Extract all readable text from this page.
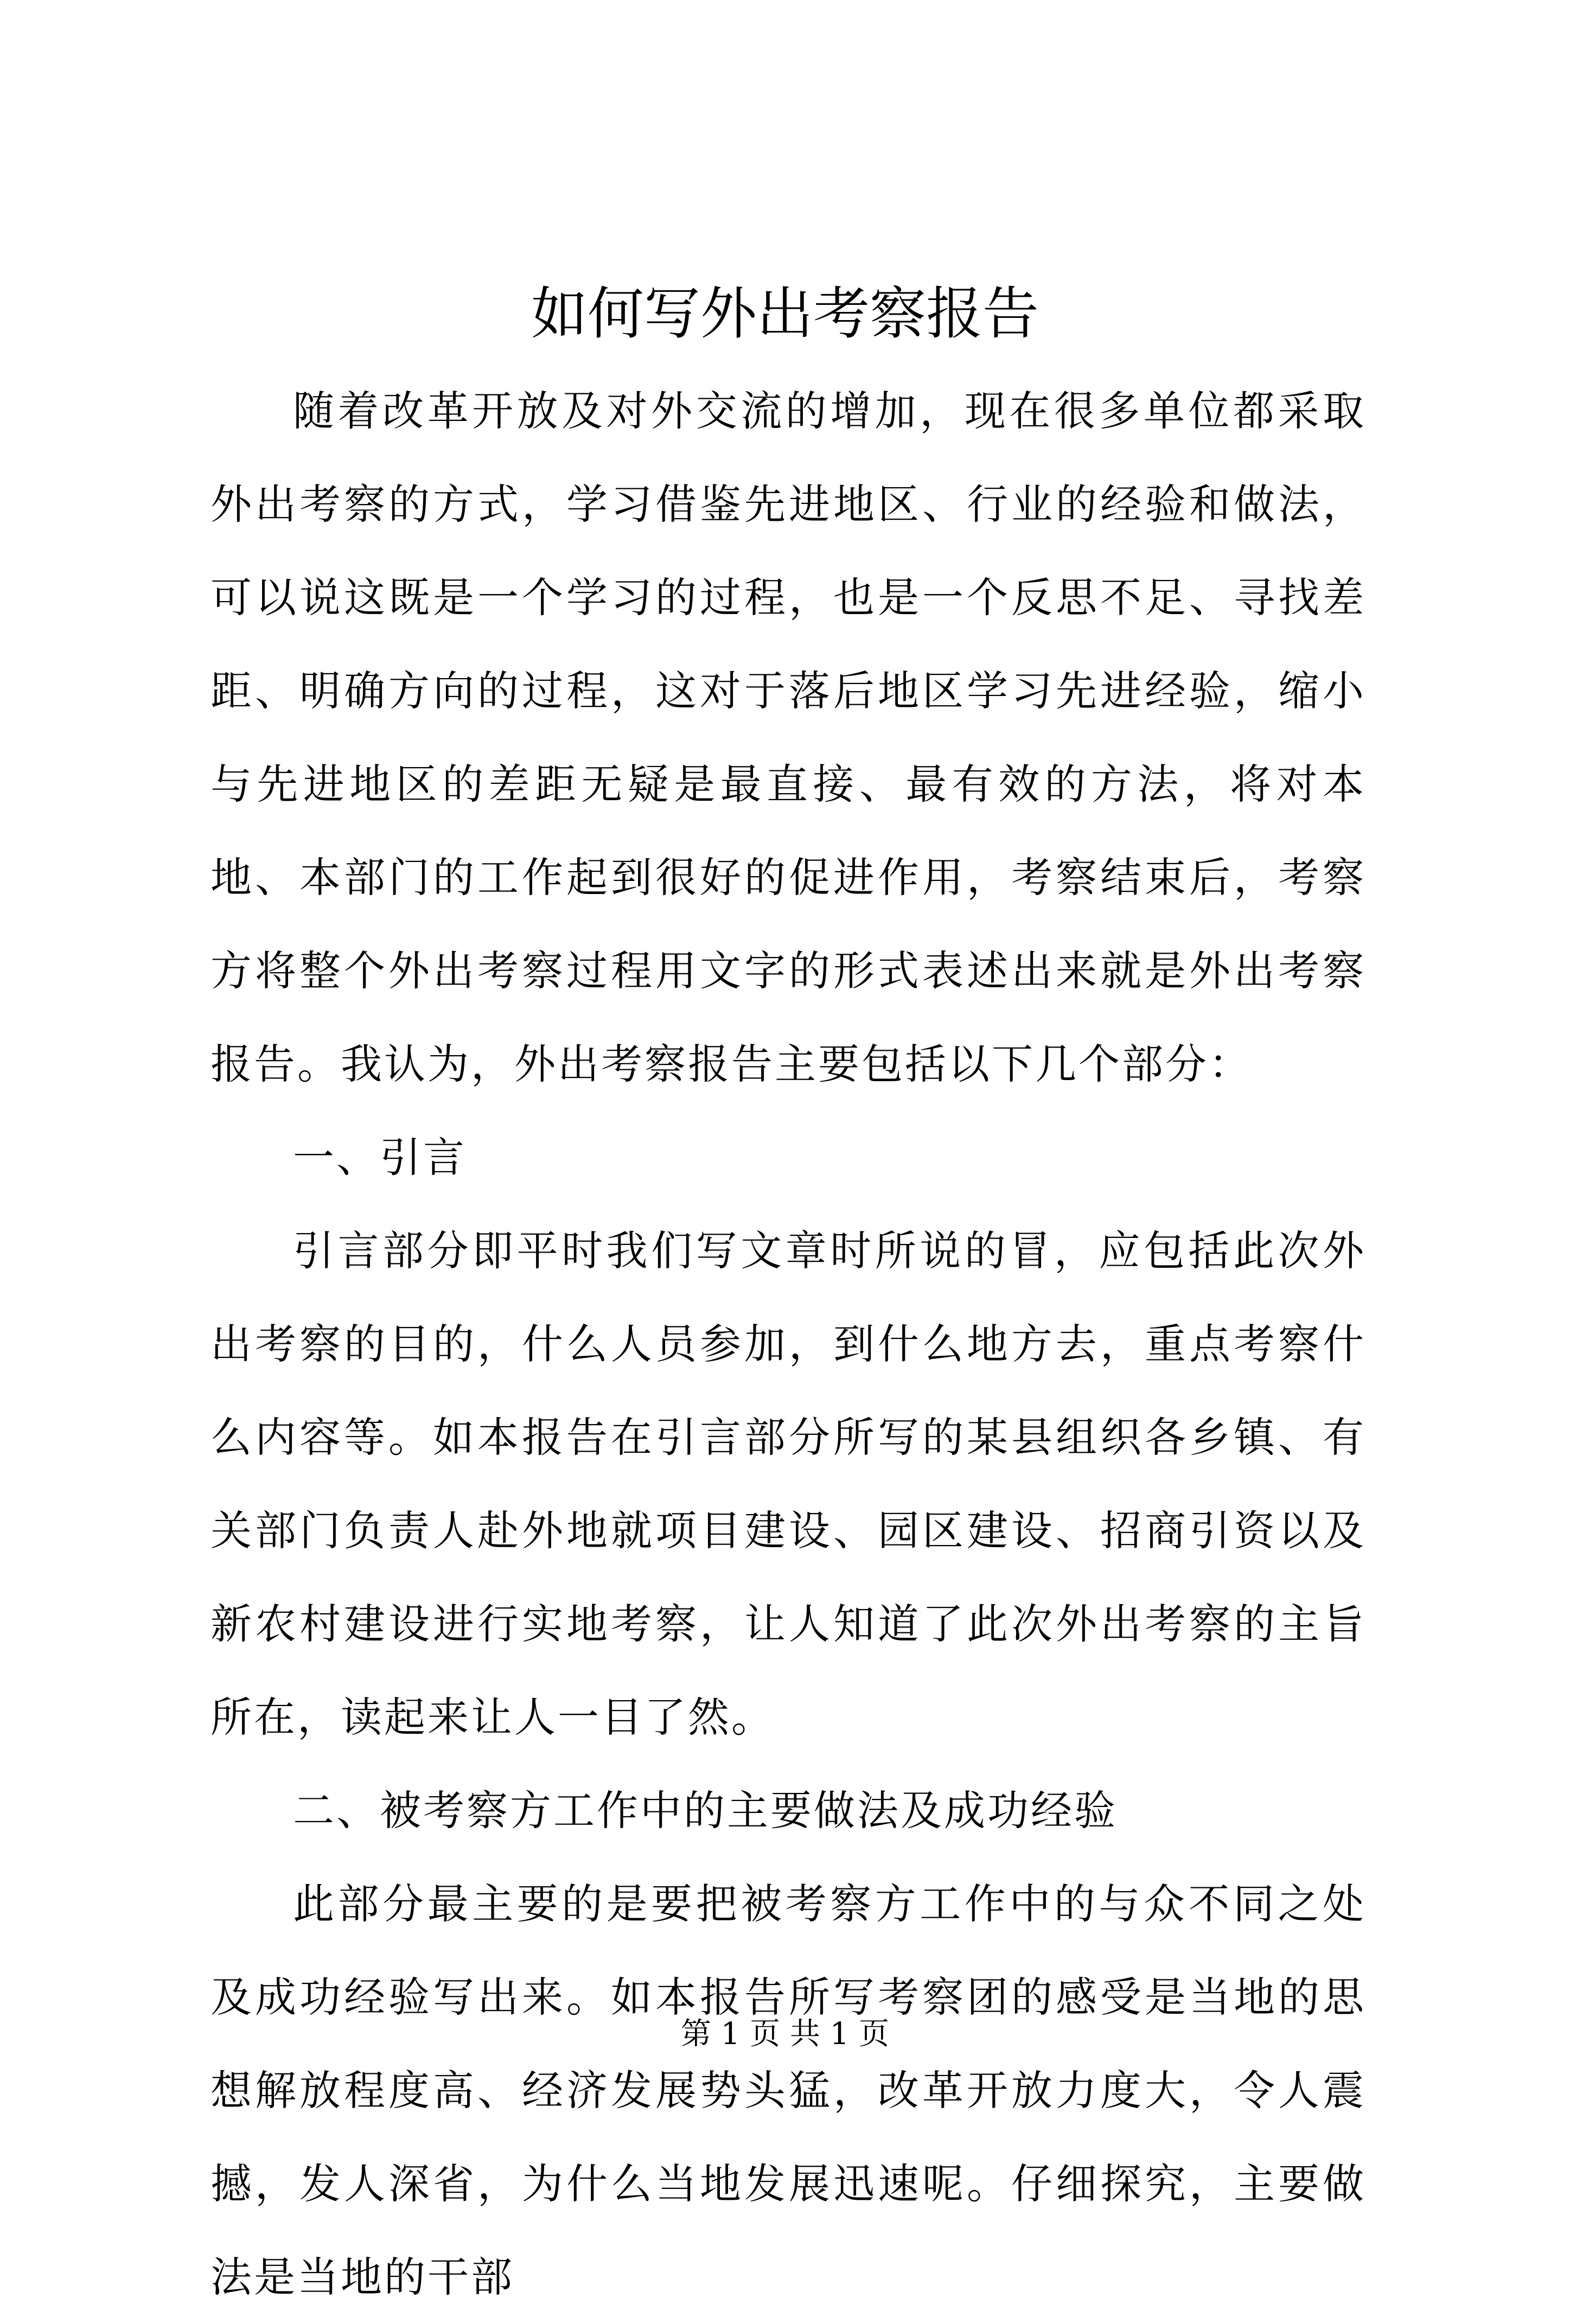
如何写外出考察报告

随着改革开放及对外交流的增加，现在很多单位都采取外出考察的方式，学习借鉴先进地区、行业的经验和做法，可以说这既是一个学习的过程，也是一个反思不足、寻找差距、明确方向的过程，这对于落后地区学习先进经验，缩小与先进地区的差距无疑是最直接、最有效的方法，将对本地、本部门的工作起到很好的促进作用，考察结束后，考察方将整个外出考察过程用文字的形式表述出来就是外出考察报告。我认为，外出考察报告主要包括以下几个部分：

一、引言

引言部分即平时我们写文章时所说的冒，应包括此次外出考察的目的，什么人员参加，到什么地方去，重点考察什么内容等。如本报告在引言部分所写的某县组织各乡镇、有关部门负责人赴外地就项目建设、园区建设、招商引资以及新农村建设进行实地考察，让人知道了此次外出考察的主旨所在，读起来让人一目了然。

二、被考察方工作中的主要做法及成功经验

此部分最主要的是要把被考察方工作中的与众不同之处及成功经验写出来。如本报告所写考察团的感受是当地的思想解放程度高、经济发展势头猛，改革开放力度大，令人震撼，发人深省，为什么当地发展迅速呢。仔细探究，主要做法是当地的干部

第 1 页 共 1 页
